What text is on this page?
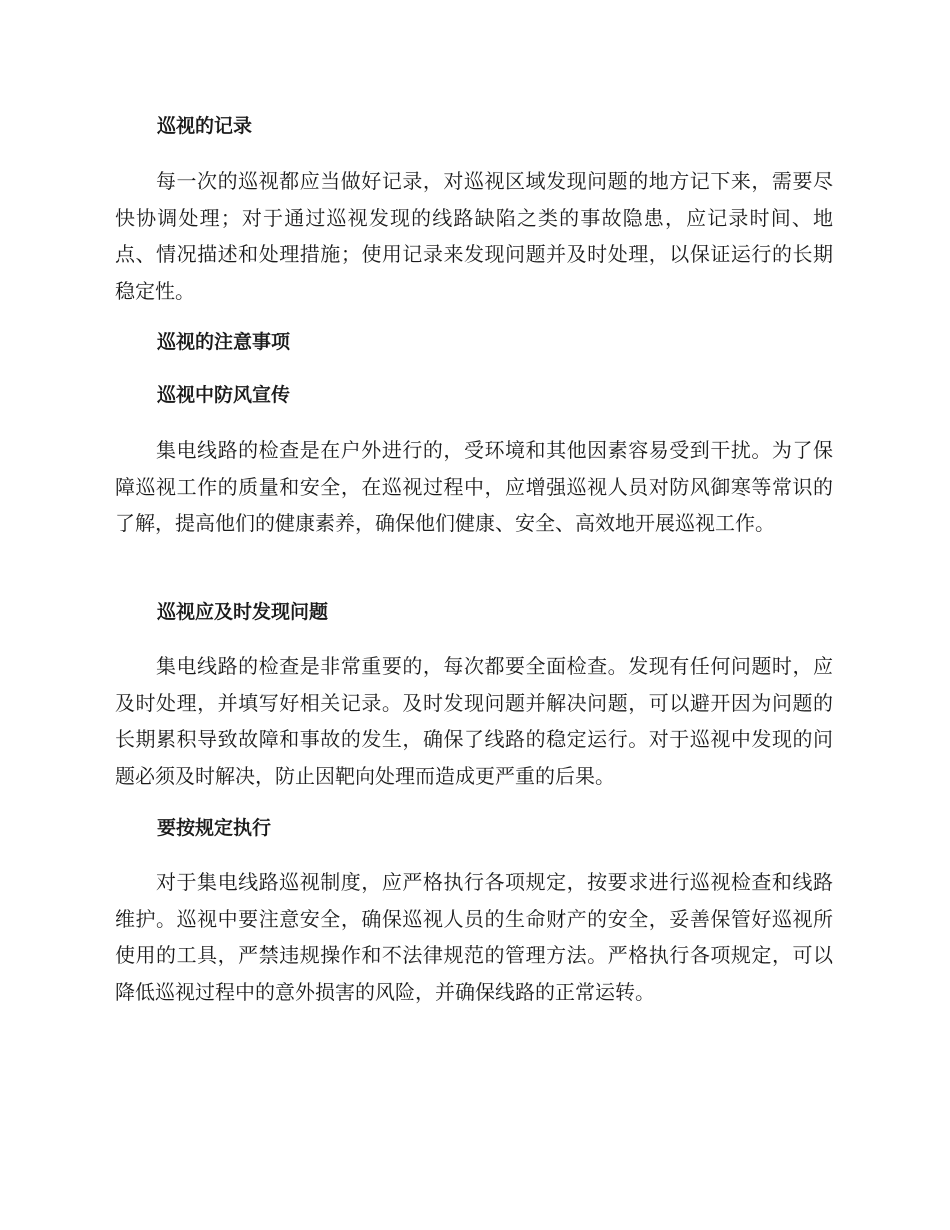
巡视的记录

每一次的巡视都应当做好记录，对巡视区域发现问题的地方记下来，需要尽快协调处理；对于通过巡视发现的线路缺陷之类的事故隐患，应记录时间、地点、情况描述和处理措施；使用记录来发现问题并及时处理，以保证运行的长期稳定性。

巡视的注意事项
巡视中防风宣传

集电线路的检查是在户外进行的，受环境和其他因素容易受到干扰。为了保障巡视工作的质量和安全，在巡视过程中，应增强巡视人员对防风御寒等常识的了解，提高他们的健康素养，确保他们健康、安全、高效地开展巡视工作。

巡视应及时发现问题

集电线路的检查是非常重要的，每次都要全面检查。发现有任何问题时，应及时处理，并填写好相关记录。及时发现问题并解决问题，可以避开因为问题的长期累积导致故障和事故的发生，确保了线路的稳定运行。对于巡视中发现的问题必须及时解决，防止因靶向处理而造成更严重的后果。

要按规定执行

对于集电线路巡视制度，应严格执行各项规定，按要求进行巡视检查和线路维护。巡视中要注意安全，确保巡视人员的生命财产的安全，妥善保管好巡视所使用的工具，严禁违规操作和不法律规范的管理方法。严格执行各项规定，可以降低巡视过程中的意外损害的风险，并确保线路的正常运转。
